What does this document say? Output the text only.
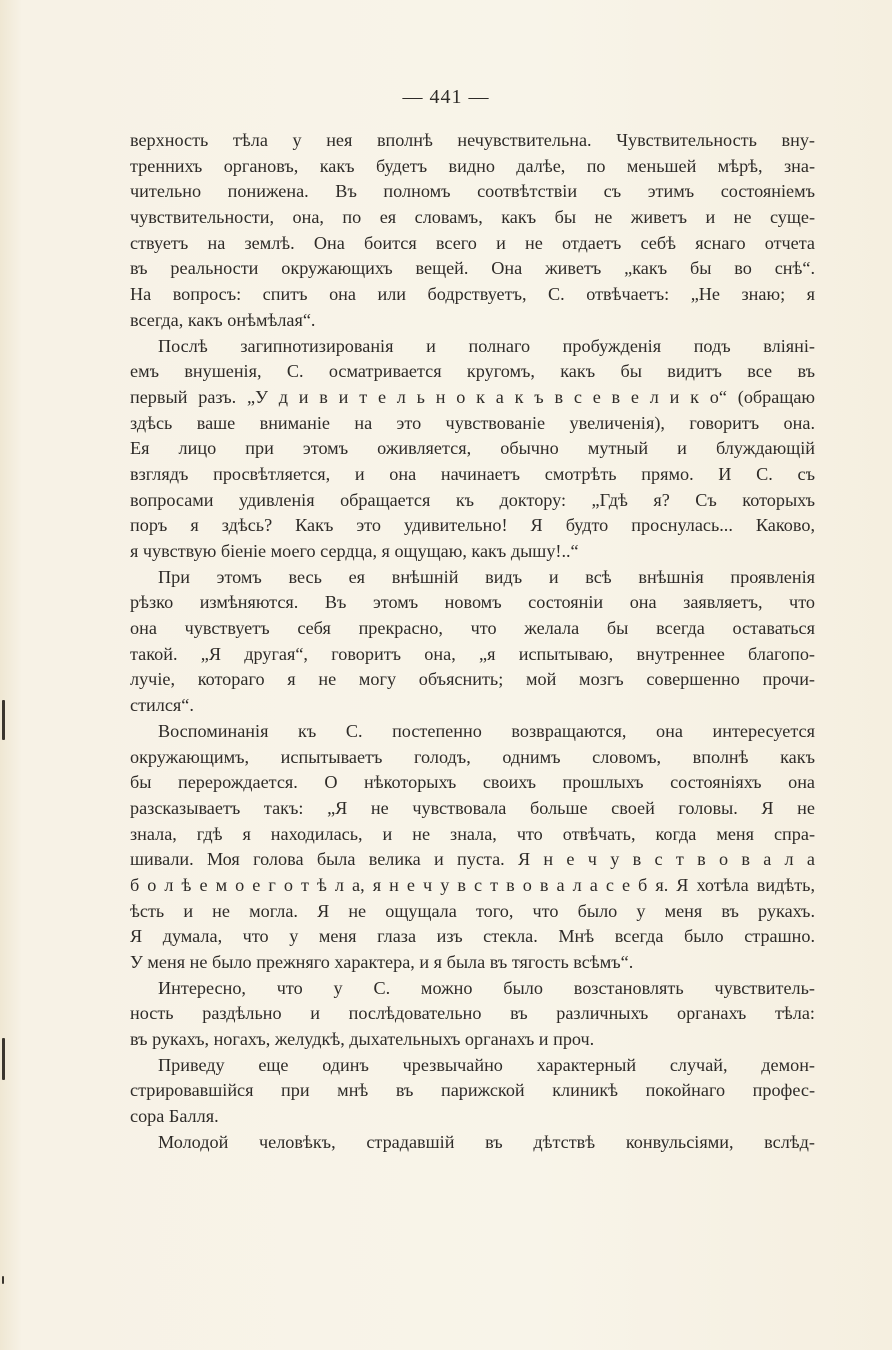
— 441 —
верхность тѣла у нея вполнѣ нечувствительна. Чувствительность вну-
треннихъ органовъ, какъ будетъ видно далѣе, по меньшей мѣрѣ, зна-
чительно понижена. Въ полномъ соотвѣтствіи съ этимъ состояніемъ
чувствительности, она, по ея словамъ, какъ бы не живетъ и не суще-
ствуетъ на землѣ. Она боится всего и не отдаетъ себѣ яснаго отчета
въ реальности окружающихъ вещей. Она живетъ „какъ бы во снѣ“.
На вопросъ: спитъ она или бодрствуетъ, С. отвѣчаетъ: „Не знаю; я
всегда, какъ онѣмѣлая“.
Послѣ загипнотизированія и полнаго пробужденія подъ вліяні-
емъ внушенія, С. осматривается кругомъ, какъ бы видитъ все въ
первый разъ. „У д и в и т е л ь н о к а к ъ в с е в е л и к о“ (обращаю
здѣсь ваше вниманіе на это чувствованіе увеличенія), говоритъ она.
Ея лицо при этомъ оживляется, обычно мутный и блуждающій
взглядъ просвѣтляется, и она начинаетъ смотрѣть прямо. И С. съ
вопросами удивленія обращается къ доктору: „Гдѣ я? Съ которыхъ
поръ я здѣсь? Какъ это удивительно! Я будто проснулась... Каково,
я чувствую біеніе моего сердца, я ощущаю, какъ дышу!..“
При этомъ весь ея внѣшній видъ и всѣ внѣшнія проявленія
рѣзко измѣняются. Въ этомъ новомъ состояніи она заявляетъ, что
она чувствуетъ себя прекрасно, что желала бы всегда оставаться
такой. „Я другая“, говоритъ она, „я испытываю, внутреннее благопо-
лучіе, котораго я не могу объяснить; мой мозгъ совершенно прочи-
стился“.
Воспоминанія къ С. постепенно возвращаются, она интересуется
окружающимъ, испытываетъ голодъ, однимъ словомъ, вполнѣ какъ
бы перерождается. О нѣкоторыхъ своихъ прошлыхъ состояніяхъ она
разсказываетъ такъ: „Я не чувствовала больше своей головы. Я не
знала, гдѣ я находилась, и не знала, что отвѣчать, когда меня спра-
шивали. Моя голова была велика и пуста. Я н е ч у в с т в о в а л а
б о л ѣ е м о е г о т ѣ л а, я н е ч у в с т в о в а л а с е б я. Я хотѣла видѣть,
ѣсть и не могла. Я не ощущала того, что было у меня въ рукахъ.
Я думала, что у меня глаза изъ стекла. Мнѣ всегда было страшно.
У меня не было прежняго характера, и я была въ тягость всѣмъ“.
Интересно, что у С. можно было возстановлять чувствитель-
ность раздѣльно и послѣдовательно въ различныхъ органахъ тѣла:
въ рукахъ, ногахъ, желудкѣ, дыхательныхъ органахъ и проч.
Приведу еще одинъ чрезвычайно характерный случай, демон-
стрировавшійся при мнѣ въ парижской клиникѣ покойнаго профес-
сора Балля.
Молодой человѣкъ, страдавшій въ дѣтствѣ конвульсіями, вслѣд-
